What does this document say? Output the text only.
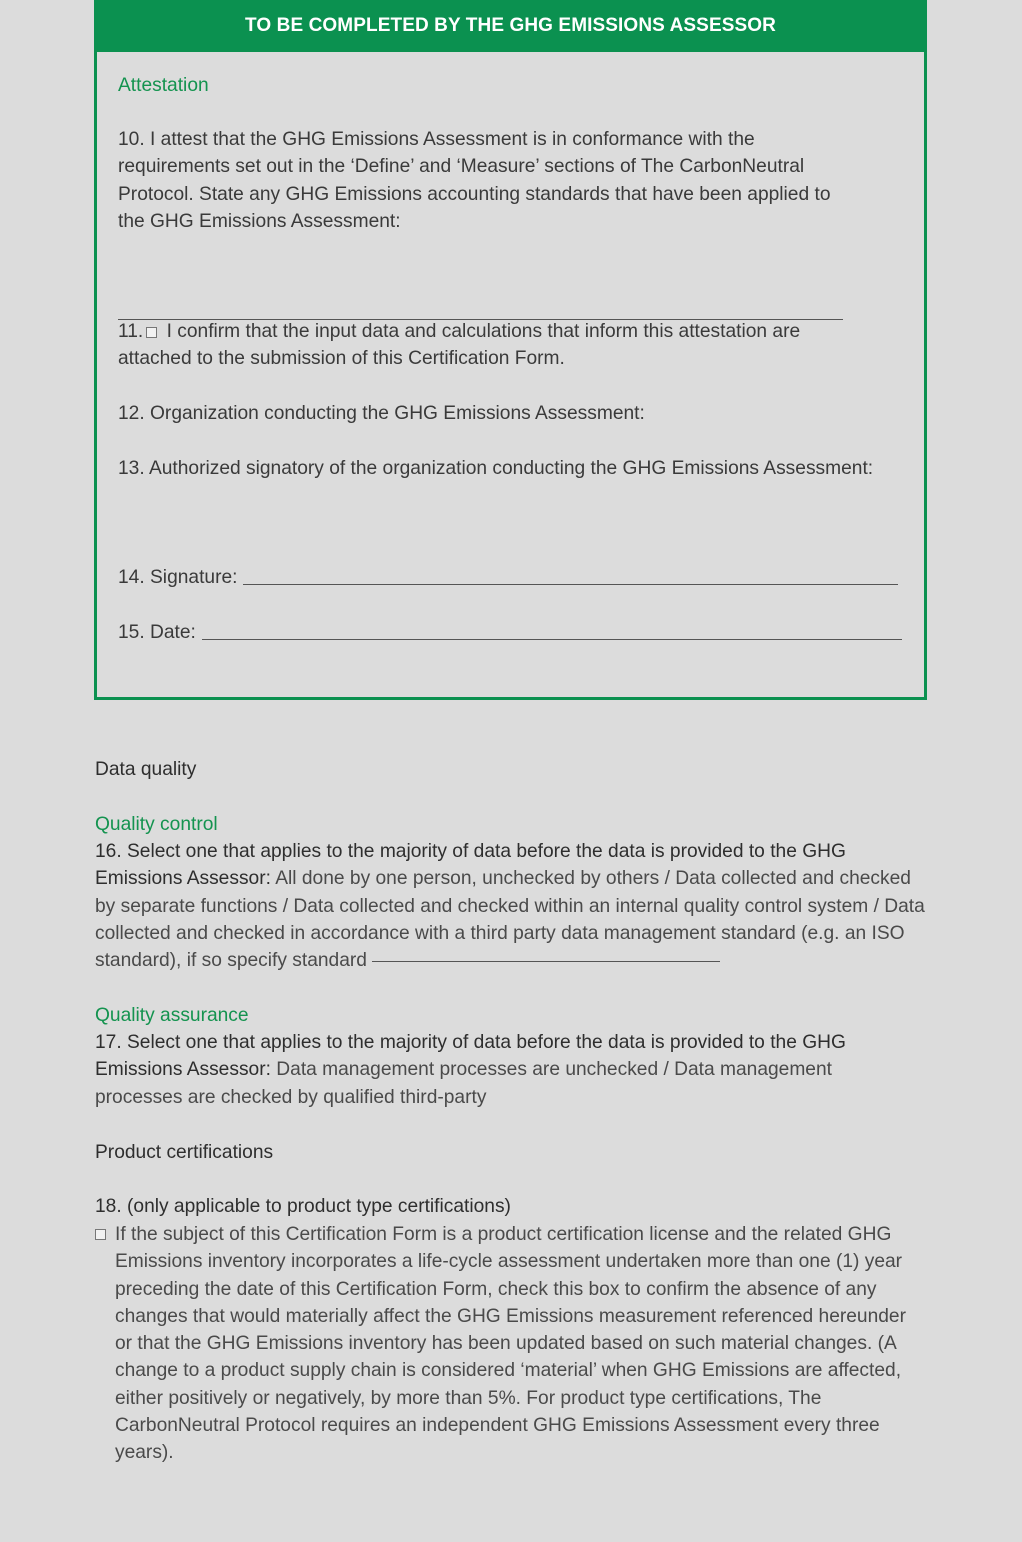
TO BE COMPLETED BY THE GHG EMISSIONS ASSESSOR

Attestation

10. I attest that the GHG Emissions Assessment is in conformance with the requirements set out in the ‘Define’ and ‘Measure’ sections of The CarbonNeutral Protocol. State any GHG Emissions accounting standards that have been applied to the GHG Emissions Assessment:

11. I confirm that the input data and calculations that inform this attestation are attached to the submission of this Certification Form.

12. Organization conducting the GHG Emissions Assessment:

13. Authorized signatory of the organization conducting the GHG Emissions Assessment:

14. Signature:
15. Date:

Data quality

Quality control

16. Select one that applies to the majority of data before the data is provided to the GHG Emissions Assessor: All done by one person, unchecked by others / Data collected and checked by separate functions / Data collected and checked within an internal quality control system / Data collected and checked in accordance with a third party data management standard (e.g. an ISO standard), if so specify standard

Quality assurance

17. Select one that applies to the majority of data before the data is provided to the GHG Emissions Assessor: Data management processes are unchecked / Data management processes are checked by qualified third-party

Product certifications

18. (only applicable to product type certifications)

If the subject of this Certification Form is a product certification license and the related GHG Emissions inventory incorporates a life-cycle assessment undertaken more than one (1) year preceding the date of this Certification Form, check this box to confirm the absence of any changes that would materially affect the GHG Emissions measurement referenced hereunder or that the GHG Emissions inventory has been updated based on such material changes. (A change to a product supply chain is considered ‘material’ when GHG Emissions are affected, either positively or negatively, by more than 5%. For product type certifications, The CarbonNeutral Protocol requires an independent GHG Emissions Assessment every three years).
